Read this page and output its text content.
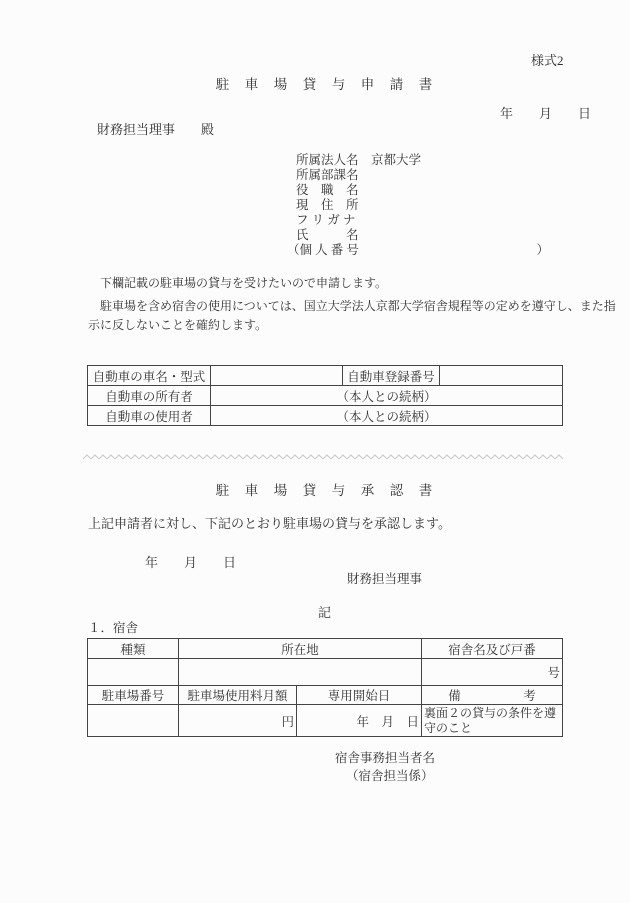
様式2
駐　車　場　貸　与　申　請　書
年　　月　　日
財務担当理事　　殿
所属法人名 京都大学
所属部課名
役　職　名
現　住　所
フ リ ガ ナ
氏　　　名
（個 人 番 号	）
　下欄記載の駐車場の貸与を受けたいので申請します。
　駐車場を含め宿舎の使用については、国立大学法人京都大学宿舎規程等の定めを遵守し、また指
示に反しないことを確約します。
自動車の車名・型式		自動車登録番号	
自動車の所有者	（本人との続柄）		
自動車の使用者	（本人との続柄）		
駐　車　場　貸　与　承　認　書
上記申請者に対し、下記のとおり駐車場の貸与を承認します。
年　　月　　日
財務担当理事
記
１．宿舎
種類	所在地		宿舎名及び戸番
			号
駐車場番号	駐車場使用料月額	専用開始日	備　　　　　考
	円	年　月　日	裏面２の貸与の条件を遵守のこと
宿舎事務担当者名
（宿舎担当係）
